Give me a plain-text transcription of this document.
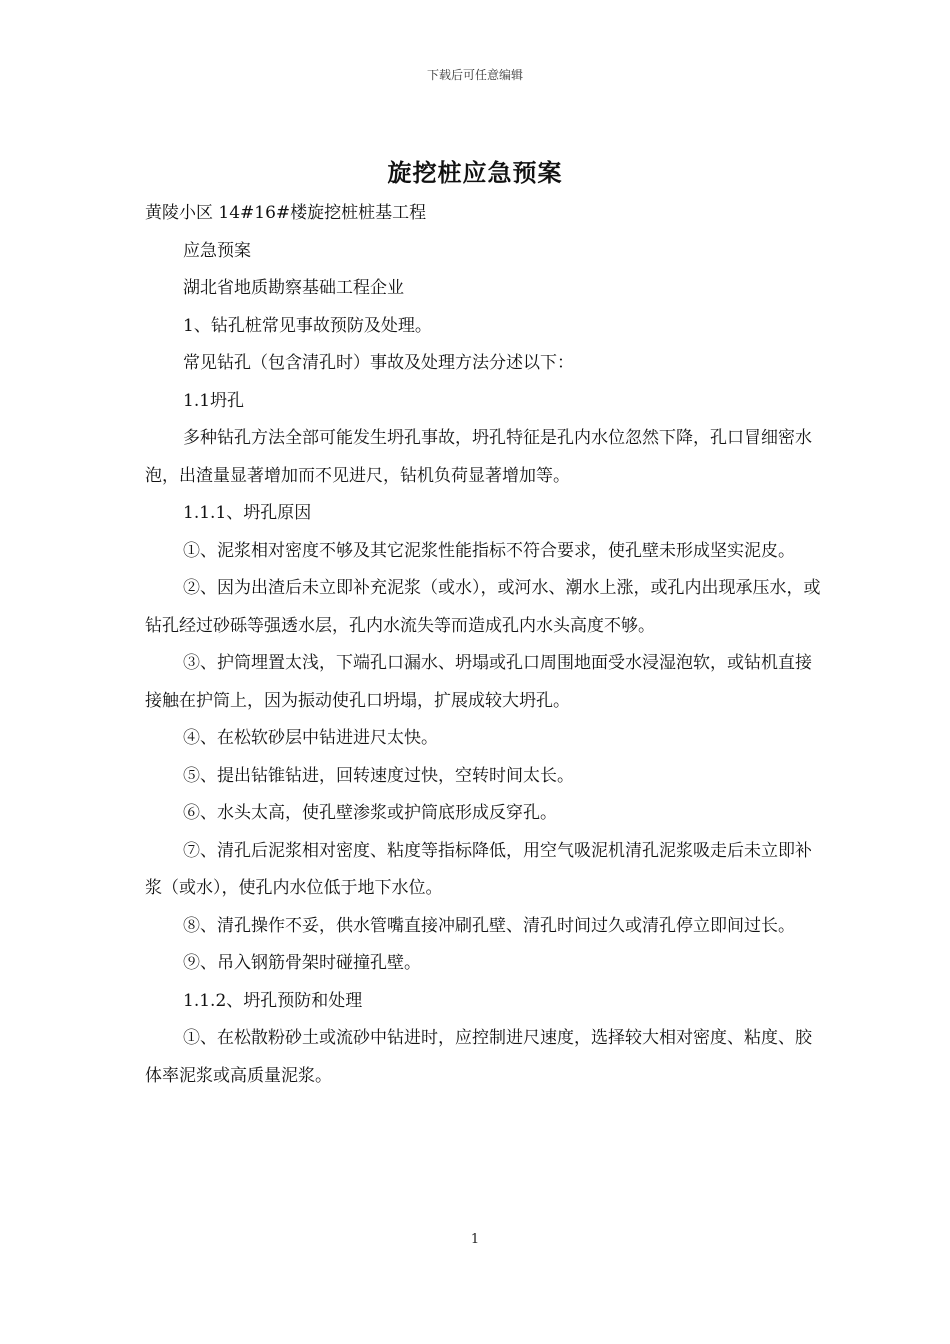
下载后可任意编辑
旋挖桩应急预案

黄陵小区 14#16#楼旋挖桩桩基工程

应急预案

湖北省地质勘察基础工程企业

1、钻孔桩常见事故预防及处理。

常见钻孔（包含清孔时）事故及处理方法分述以下：

1.1坍孔

多种钻孔方法全部可能发生坍孔事故，坍孔特征是孔内水位忽然下降，孔口冒细密水泡，出渣量显著增加而不见进尺，钻机负荷显著增加等。

1.1.1、坍孔原因

①、泥浆相对密度不够及其它泥浆性能指标不符合要求，使孔壁未形成坚实泥皮。

②、因为出渣后未立即补充泥浆（或水），或河水、潮水上涨，或孔内出现承压水，或钻孔经过砂砾等强透水层，孔内水流失等而造成孔内水头高度不够。

③、护筒埋置太浅，下端孔口漏水、坍塌或孔口周围地面受水浸湿泡软，或钻机直接接触在护筒上，因为振动使孔口坍塌，扩展成较大坍孔。

④、在松软砂层中钻进进尺太快。

⑤、提出钻锥钻进，回转速度过快，空转时间太长。

⑥、水头太高，使孔壁渗浆或护筒底形成反穿孔。

⑦、清孔后泥浆相对密度、粘度等指标降低，用空气吸泥机清孔泥浆吸走后未立即补浆（或水），使孔内水位低于地下水位。

⑧、清孔操作不妥，供水管嘴直接冲刷孔壁、清孔时间过久或清孔停立即间过长。

⑨、吊入钢筋骨架时碰撞孔壁。

1.1.2、坍孔预防和处理

①、在松散粉砂土或流砂中钻进时，应控制进尺速度，选择较大相对密度、粘度、胶体率泥浆或高质量泥浆。

1
